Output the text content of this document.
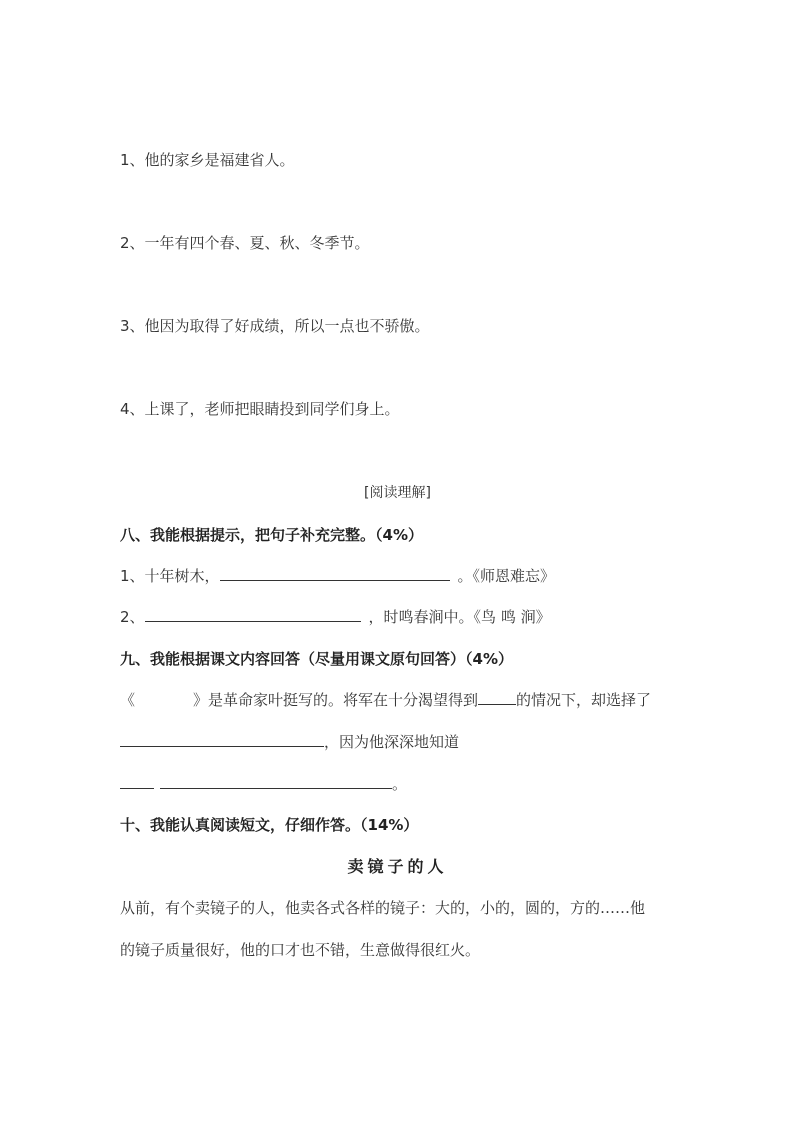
1、他的家乡是福建省人。
2、一年有四个春、夏、秋、冬季节。
3、他因为取得了好成绩，所以一点也不骄傲。
4、上课了，老师把眼睛投到同学们身上。
[阅读理解]
八、我能根据提示，把句子补充完整。（4%）
1、十年树木，	。《师恩难忘》
2、	，时鸣春涧中。《鸟 鸣 涧》
九、我能根据课文内容回答（尽量用课文原句回答）（4%）
《	》是革命家叶挺写的。将军在十分渴望得到	的情况下，却选择了
，因为他深深地知道
。
十、我能认真阅读短文，仔细作答。（14%）
卖镜子的人
从前，有个卖镜子的人，他卖各式各样的镜子：大的，小的，圆的，方的……他
的镜子质量很好，他的口才也不错，生意做得很红火。
